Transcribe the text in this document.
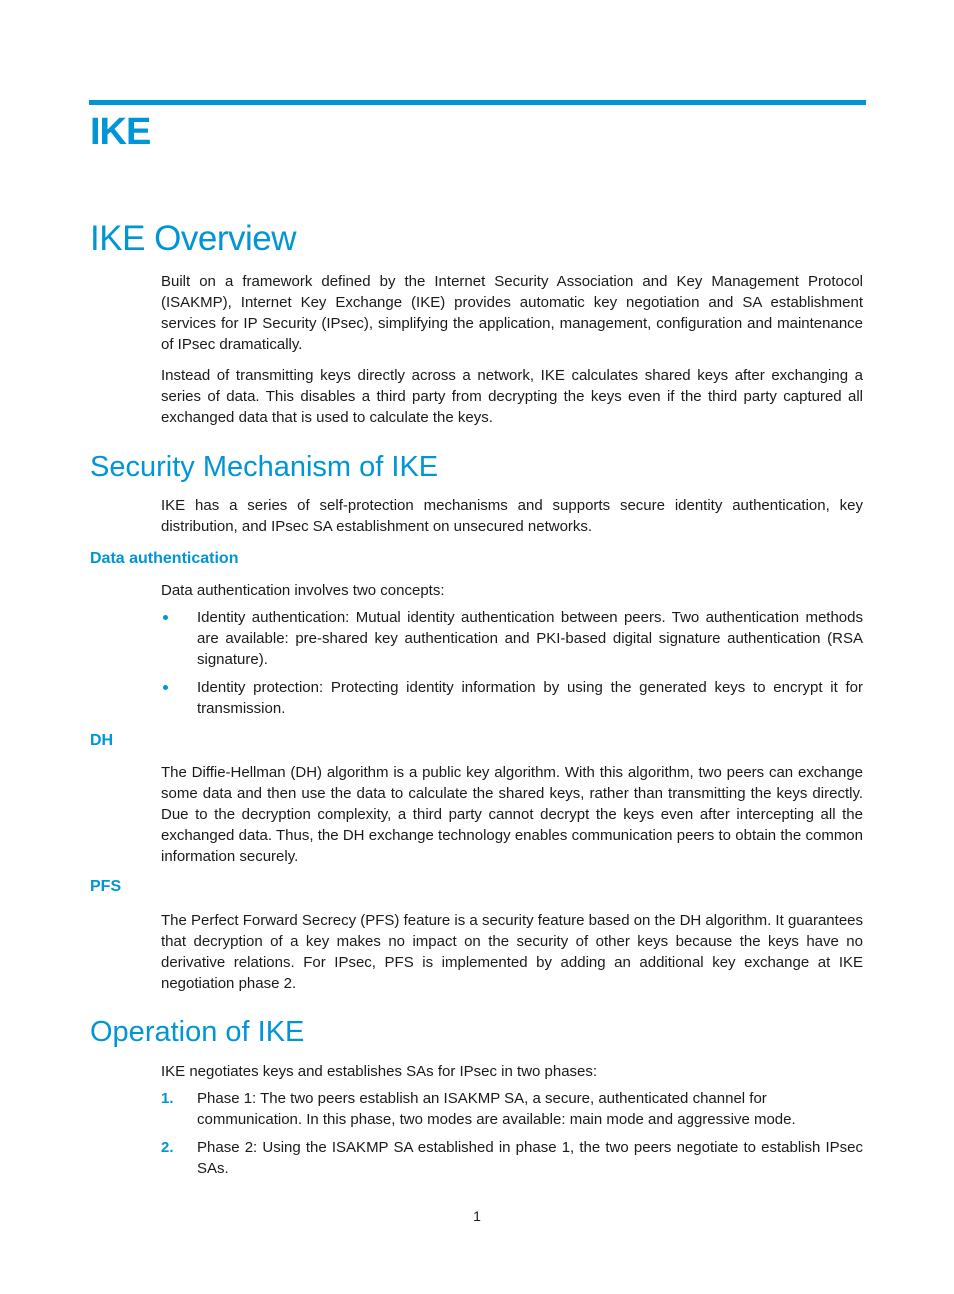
IKE
IKE Overview

Built on a framework defined by the Internet Security Association and Key Management Protocol (ISAKMP), Internet Key Exchange (IKE) provides automatic key negotiation and SA establishment services for IP Security (IPsec), simplifying the application, management, configuration and maintenance of IPsec dramatically.

Instead of transmitting keys directly across a network, IKE calculates shared keys after exchanging a series of data. This disables a third party from decrypting the keys even if the third party captured all exchanged data that is used to calculate the keys.

Security Mechanism of IKE

IKE has a series of self-protection mechanisms and supports secure identity authentication, key distribution, and IPsec SA establishment on unsecured networks.

Data authentication

Data authentication involves two concepts:

Identity authentication: Mutual identity authentication between peers. Two authentication methods are available: pre-shared key authentication and PKI-based digital signature authentication (RSA signature).
Identity protection: Protecting identity information by using the generated keys to encrypt it for transmission.
DH

The Diffie-Hellman (DH) algorithm is a public key algorithm. With this algorithm, two peers can exchange some data and then use the data to calculate the shared keys, rather than transmitting the keys directly. Due to the decryption complexity, a third party cannot decrypt the keys even after intercepting all the exchanged data. Thus, the DH exchange technology enables communication peers to obtain the common information securely.

PFS

The Perfect Forward Secrecy (PFS) feature is a security feature based on the DH algorithm. It guarantees that decryption of a key makes no impact on the security of other keys because the keys have no derivative relations. For IPsec, PFS is implemented by adding an additional key exchange at IKE negotiation phase 2.

Operation of IKE

IKE negotiates keys and establishes SAs for IPsec in two phases:

1.	Phase 1: The two peers establish an ISAKMP SA, a secure, authenticated channel for communication. In this phase, two modes are available: main mode and aggressive mode.
2.	Phase 2: Using the ISAKMP SA established in phase 1, the two peers negotiate to establish IPsec SAs.
1
